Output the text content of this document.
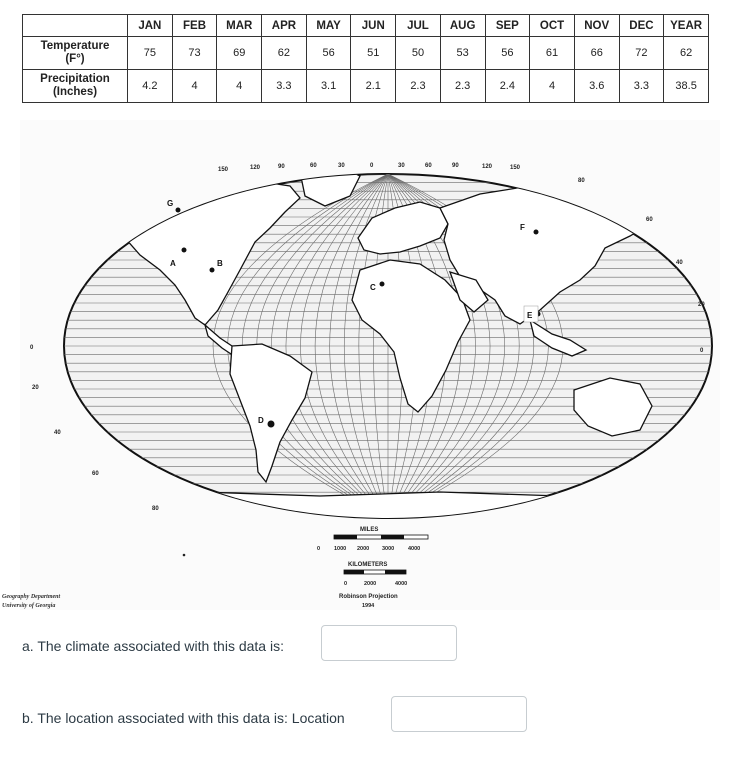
	JAN	FEB	MAR	APR	MAY	JUN	JUL	AUG	SEP	OCT	NOV	DEC	YEAR
Temperature
(F°)	75	73	69	62	56	51	50	53	56	61	66	72	62
Precipitation
(Inches)	4.2	4	4	3.3	3.1	2.1	2.3	2.3	2.4	4	3.6	3.3	38.5
A	B
C
D
E
F
G
150	120	90	60	30	0	30	60	90	120	150
80
60
40
20
0
20
40
60
80
0
MILES
0	1000 2000 3000	4000
KILOMETERS
0	2000	4000
Robinson Projection
1994
Geography Department
University of Georgia
a. The climate associated with this data is:
b. The location associated with this data is: Location
